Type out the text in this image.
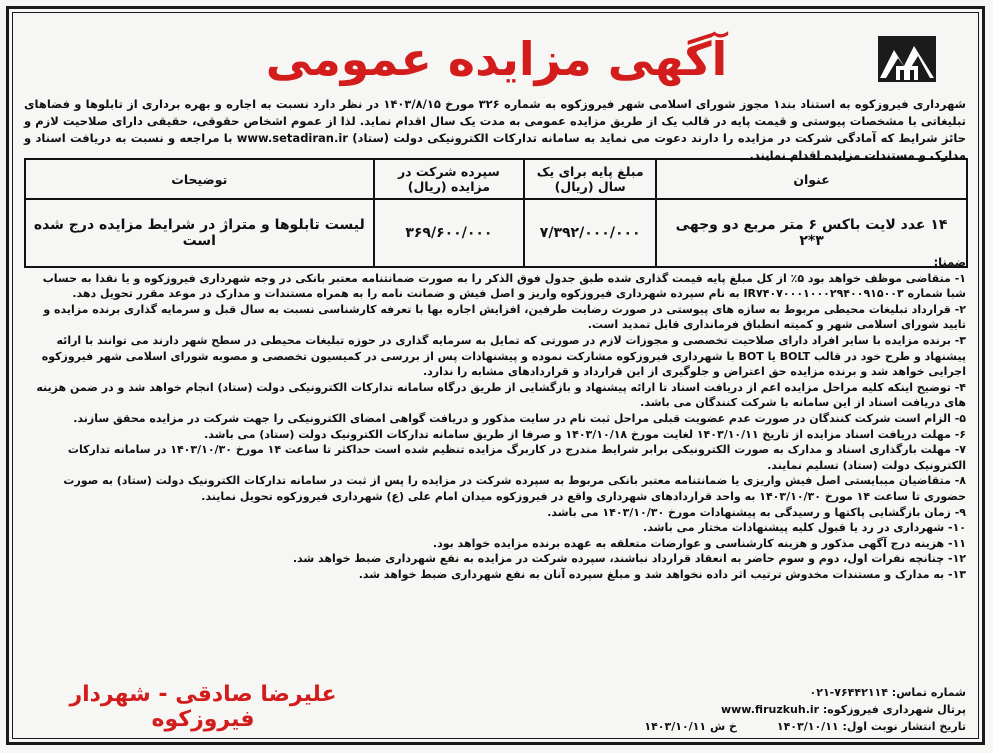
آگهی مزایده عمومی
شهرداری فیروزکوه به استناد بند۱ مجوز شورای اسلامی شهر فیروزکوه به شماره ۳۲۶ مورخ ۱۴۰۳/۸/۱۵ در نظر دارد نسبت به اجاره و بهره برداری از تابلوها و فضاهای تبلیغاتی با مشخصات پیوستی و قیمت پایه در قالب یک از طریق مزایده عمومی به مدت یک سال اقدام نماید. لذا از عموم اشخاص حقوقی، حقیقی دارای صلاحیت لازم و حائز شرایط که آمادگی شرکت در مزایده را دارند دعوت می نماید به سامانه تدارکات الکترونیکی دولت (ستاد) www.setadiran.ir با مراجعه و نسبت به دریافت اسناد و مدارک و مستندات مزایده اقدام نمایند.
عنوان	مبلغ پایه برای یک سال (ریال)	سپرده شرکت در مزایده (ریال)	توضیحات
۱۴ عدد لایت باکس ۶ متر مربع دو وجهی ۳*۲	۷/۳۹۲/۰۰۰/۰۰۰	۳۶۹/۶۰۰/۰۰۰	لیست تابلوها و متراژ در شرایط مزایده درج شده است

ضمنا:

۱- متقاضی موظف خواهد بود ۵٪ از کل مبلغ پایه قیمت گذاری شده طبق جدول فوق الذکر را به صورت ضمانتنامه معتبر بانکی در وجه شهرداری فیروزکوه و یا نقدا به حساب شبا شماره IR۷۴۰۷۰۰۰۱۰۰۰۲۹۴۰۰۹۱۵۰۰۳ به نام سپرده شهرداری فیروزکوه واریز و اصل فیش و ضمانت نامه را به همراه مستندات و مدارک در موعد مقرر تحویل دهد.

۲- قرارداد تبلیغات محیطی مربوط به سازه های پیوستی در صورت رضایت طرفین، افزایش اجاره بها با تعرفه کارشناسی نسبت به سال قبل و سرمایه گذاری برنده مزایده و تایید شورای اسلامی شهر و کمیته انطباق فرمانداری قابل تمدید است.

۳- برنده مزایده با سایر افراد دارای صلاحیت تخصصی و مجوزات لازم در صورتی که تمایل به سرمایه گذاری در حوزه تبلیغات محیطی در سطح شهر دارند می توانند با ارائه پیشنهاد و طرح خود در قالب BOLT یا BOT با شهرداری فیروزکوه مشارکت نموده و پیشنهادات پس از بررسی در کمیسیون تخصصی و مصوبه شورای اسلامی شهر فیروزکوه اجرایی خواهد شد و برنده مزایده حق اعتراض و جلوگیری از این قرارداد و قراردادهای مشابه را ندارد.

۴- توضیح اینکه کلیه مراحل مزایده اعم از دریافت اسناد تا ارائه پیشنهاد و بازگشایی از طریق درگاه سامانه تدارکات الکترونیکی دولت (ستاد) انجام خواهد شد و در ضمن هزینه های دریافت اسناد از این سامانه با شرکت کنندگان می باشد.

۵- الزام است شرکت کنندگان در صورت عدم عضویت قبلی مراحل ثبت نام در سایت مذکور و دریافت گواهی امضای الکترونیکی را جهت شرکت در مزایده محقق سازند.

۶- مهلت دریافت اسناد مزایده از تاریخ ۱۴۰۳/۱۰/۱۱ لغایت مورخ ۱۴۰۳/۱۰/۱۸ و صرفا از طریق سامانه تدارکات الکترونیک دولت (ستاد) می باشد.

۷- مهلت بارگذاری اسناد و مدارک به صورت الکترونیکی برابر شرایط مندرج در کاربرگ مزایده تنظیم شده است حداکثر تا ساعت ۱۴ مورخ ۱۴۰۳/۱۰/۳۰ در سامانه تدارکات الکترونیک دولت (ستاد) تسلیم نمایند.

۸- متقاضیان میبایستی اصل فیش واریزی یا ضمانتنامه معتبر بانکی مربوط به سپرده شرکت در مزایده را پس از ثبت در سامانه تدارکات الکترونیک دولت (ستاد) به صورت حضوری تا ساعت ۱۴ مورخ ۱۴۰۳/۱۰/۳۰ به واحد قراردادهای شهرداری واقع در فیروزکوه میدان امام علی (ع) شهرداری فیروزکوه تحویل نمایند.

۹- زمان بازگشایی پاکتها و رسیدگی به پیشنهادات مورخ ۱۴۰۳/۱۰/۳۰ می باشد.

۱۰- شهرداری در رد یا قبول کلیه پیشنهادات مختار می باشد.

۱۱- هزینه درج آگهی مذکور و هزینه کارشناسی و عوارضات متعلقه به عهده برنده مزایده خواهد بود.

۱۲- چنانچه نفرات اول، دوم و سوم حاضر به انعقاد قرارداد نباشند، سپرده شرکت در مزایده به نفع شهرداری ضبط خواهد شد.

۱۳- به مدارک و مستندات مخدوش ترتیب اثر داده نخواهد شد و مبلغ سپرده آنان به نفع شهرداری ضبط خواهد شد.

شماره تماس: ۷۶۴۴۲۱۱۴-۰۲۱
پرتال شهرداری فیروزکوه: www.firuzkuh.ir
تاریخ انتشار نوبت اول: ۱۴۰۳/۱۰/۱۱خ ش ۱۴۰۳/۱۰/۱۱
علیرضا صادقی - شهردار فیروزکوه
